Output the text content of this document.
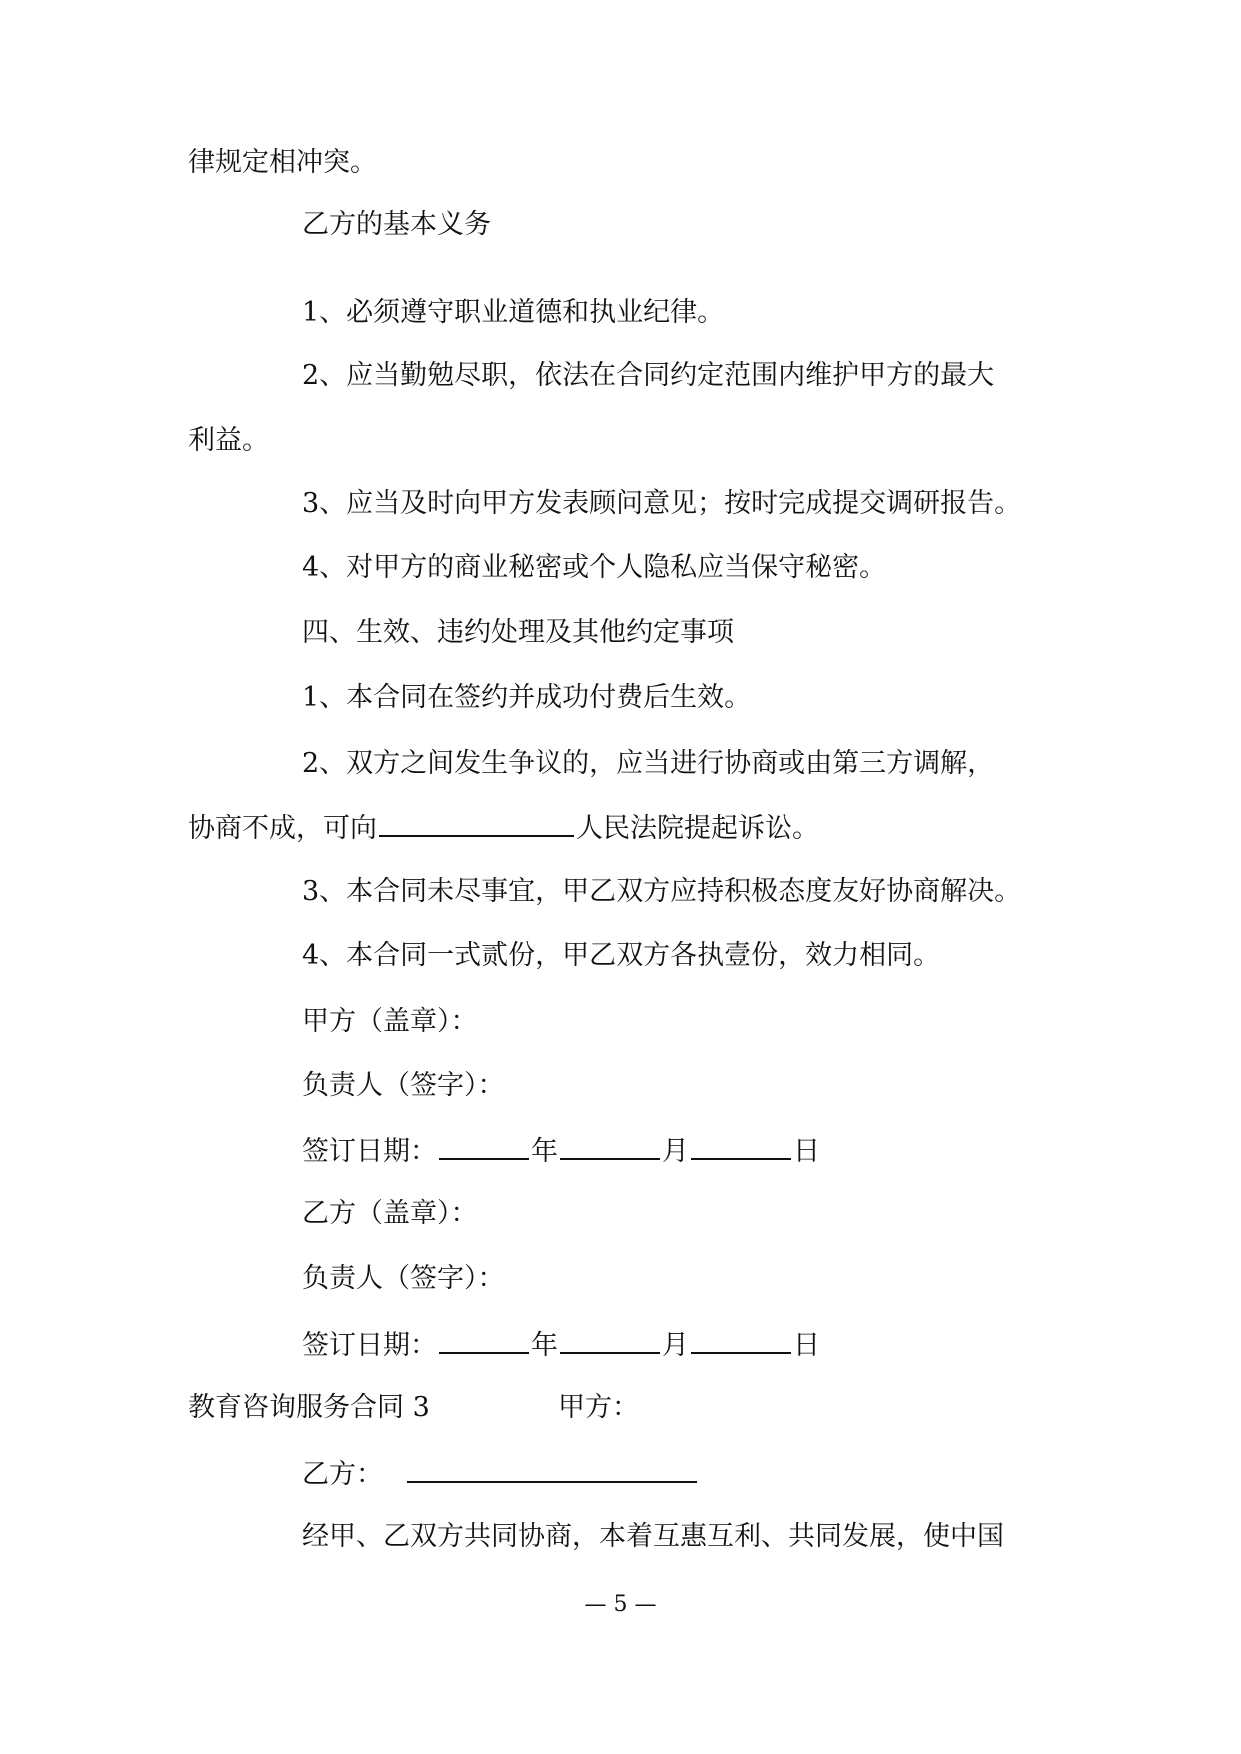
律规定相冲突。
乙方的基本义务
1、必须遵守职业道德和执业纪律。
2、应当勤勉尽职，依法在合同约定范围内维护甲方的最大
利益。
3、应当及时向甲方发表顾问意见；按时完成提交调研报告。
4、对甲方的商业秘密或个人隐私应当保守秘密。
四、生效、违约处理及其他约定事项
1、本合同在签约并成功付费后生效。
2、双方之间发生争议的，应当进行协商或由第三方调解，
协商不成，可向	人民法院提起诉讼。
3、本合同未尽事宜，甲乙双方应持积极态度友好协商解决。
4、本合同一式贰份，甲乙双方各执壹份，效力相同。
甲方（盖章）：
负责人（签字）：
签订日期：	年	月	日
乙方（盖章）：
负责人（签字）：
签订日期：	年	月	日
教育咨询服务合同 3	甲方：
乙方：
经甲、乙双方共同协商，本着互惠互利、共同发展，使中国
— 5 —
